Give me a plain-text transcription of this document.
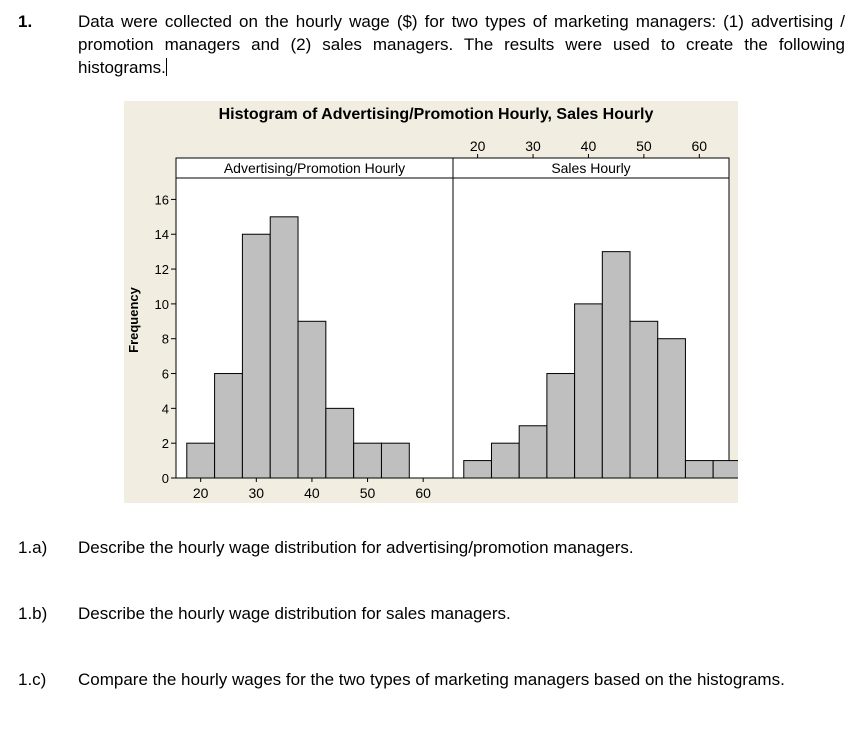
1.	Data were collected on the hourly wage ($) for two types of marketing managers: (1) advertising / promotion managers and (2) sales managers. The results were used to create the following histograms.
Histogram of Advertising/Promotion Hourly, Sales Hourly
Frequency
Advertising/Promotion Hourly
20	30	40	50	60
Sales Hourly
20	30	40	50	60
0
2
4
6
8
10
12
14
16
1.a) Describe the hourly wage distribution for advertising/promotion managers.
1.b) Describe the hourly wage distribution for sales managers.
1.c) Compare the hourly wages for the two types of marketing managers based on the histograms.
